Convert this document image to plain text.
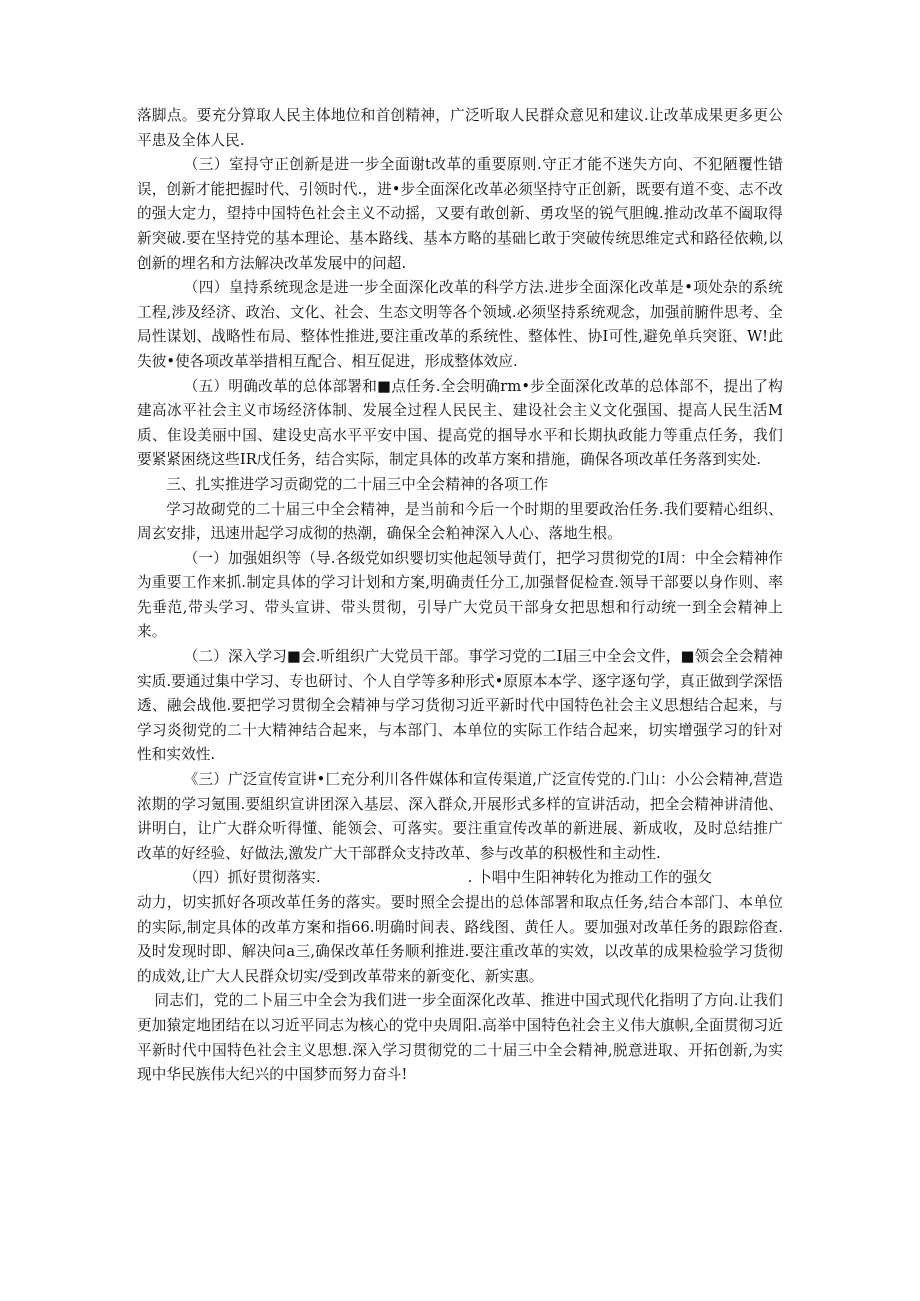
落脚点。要充分算取人民主体地位和首创精神，广泛听取人民群众意见和建议.让改革成果更多更公平患及全体人民.

（三）室挦守正创新是进一步全面谢t改革的重要原则.守正才能不迷失方向、不犯陋覆性错误，创新才能把握时代、引领时代.，进•步全面深化改革必须坚持守正创新，既要有道不变、志不改的强大定力，望持中国特色社会主义不动摇，又要有敢创新、勇攻坚的锐气胆魄.推动改革不阖取得新突破.要在坚持党的基本理论、基本路线、基本方略的基础匕敢于突破传统思维定式和路径依赖,以创新的埋名和方法解决改革发展中的问超.

（四）皇持系统现念是进一步全面深化改革的科学方法.进步全面深化改革是•项处杂的系统工程,涉及经济、政治、文化、社会、生态文明等各个领域.必须坚持系统观念，加强前腑件思考、全局性谋划、战略性布局、整体性推进,要注重改革的系统性、整体性、协I可性,避免单兵突诳、W!此失彼•使各项改革举措相互配合、相互促进，形成整体效应.

（五）明确改革的总体部署和■点任务.全会明确rm•步全面深化改革的总体部不，提出了构建高冰平社会主义市场经济体制、发展全过程人民民主、建设社会主义文化强国、提高人民生活M质、隹设美丽中国、建设史高水平平安中国、提高党的掴导水平和长期执政能力等重点任务，我们要紧紧困绕这些IR戊任务，结合实际，制定具体的改革方案和措施，确保各项改革任务落到实处.

三、扎实推进学习贡砌党的二十届三中全会精神的各项工作

学习故砌党的二十届三中全会精神，是当前和今后一个时期的里要政治任务.我们要精心组织、周玄安排，迅速卅起学习成彻的热潮，确保全会粕神深入人心、落地生根。

（一）加强姐织等（导.各级党如织婴切实他起领导黄仃，把学习贯彻党的I周：中全会精神作为重要工作来抓.制定具体的学习计划和方案,明确责任分工,加强督促检查.领导干部要以身作则、率先垂范,带头学习、带头宣讲、带头贯彻，引导广大党员干部身女把思想和行动统一到全会精神上来。

（二）深入学习■会.听组织广大党员干部。事学习党的二I届三中全会文件，■领会全会精神实质.要通过集中学习、专也研讨、个人自学等多种形式•原原本本学、逐字逐句学，真正做到学深悟透、融会战他.要把学习贯彻全会精神与学习货彻习近平新时代中国特色社会主义思想结合起来，与学习炎彻党的二十大精神结合起来，与本部门、本单位的实际工作结合起来，切实增强学习的针对性和实效性.

《三）广泛宣传宣讲•匚充分利川各件媒体和宣传渠道,广泛宣传党的.门山：小公会精神,营造浓期的学习氪围.要組织宣讲团深入基层、深入群众,开展形式多样的宣讲活动，把全会精神讲清他、讲明白，让广大群众听得懂、能领会、可落实。要注重宣传改革的新进展、新成收，及时总结推广改革的好经验、好做法,激发广大干部群众支持改革、参与改革的积极性和主动性.

（四）抓好贯彻落实.　　　　　　　　　　. 卜唱中生阳神转化为推动工作的强攵

动力，切实抓好各项改革任务的落实。要时照全会提出的总体部署和取点任务,结合本部门、本单位的实际,制定具体的改革方案和指66.明确时间表、路线图、黄任人。要加强对改革任务的跟踪俗查.及时发现时即、解决问a三,确保改革任务顺利推进.要注重改革的实效，以改革的成果检验学习货彻的成效,让广大人民群众切实/受到改革带来的新变化、新实惠。

同志们，党的二卜届三中全会为我们进一步全面深化改革、推进中国式现代化指明了方向.让我们更加猿定地团结在以习近平同志为核心的党中央周阳.高举中国特色社会主义伟大旗帜,全面贯彻习近平新时代中国特色社会主义思想.深入学习贯彻党的二十届三中全会精神,脱意进取、开拓创新,为实现中华民族伟大纪兴的中国梦而努力奋斗!
